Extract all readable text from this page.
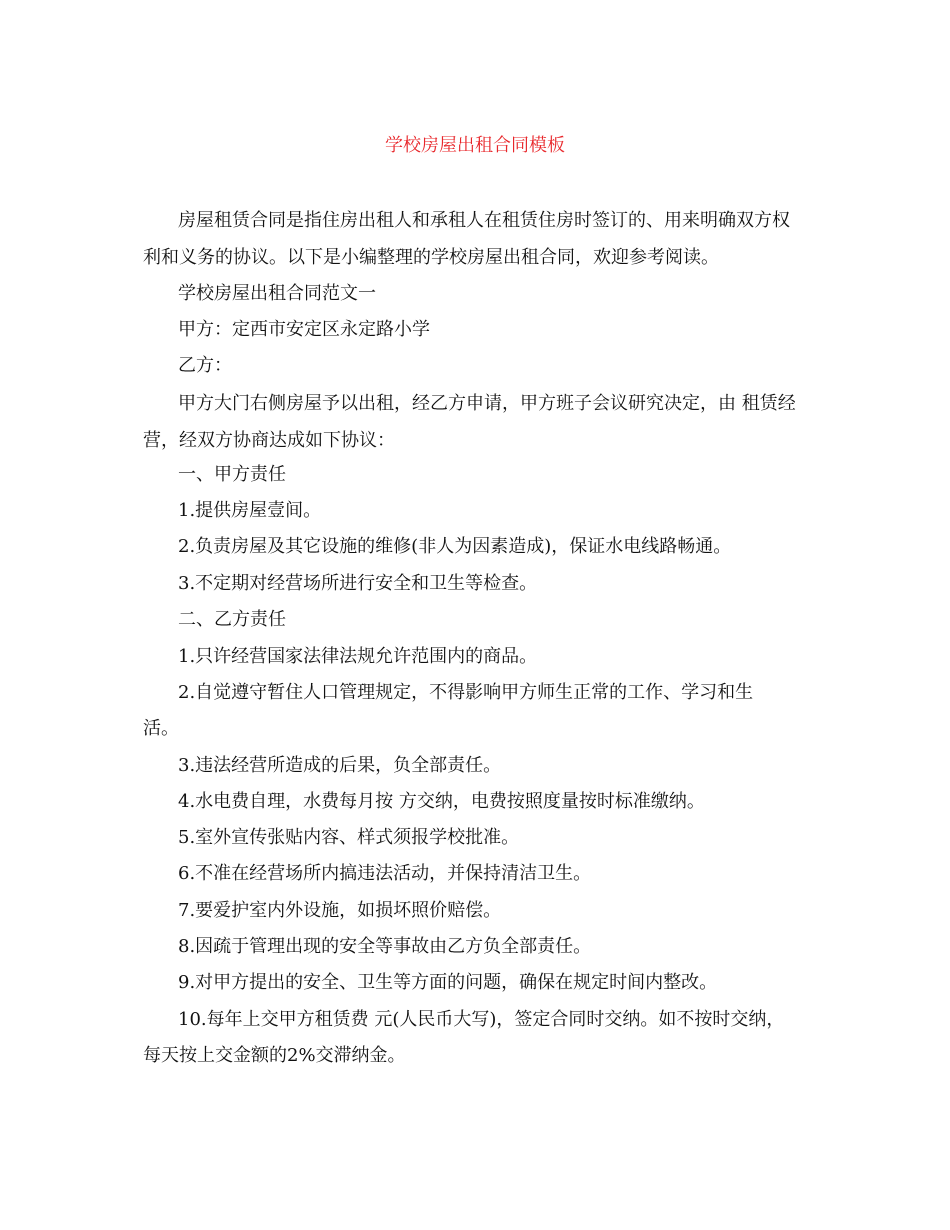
学校房屋出租合同模板
房屋租赁合同是指住房出租人和承租人在租赁住房时签订的、用来明确双方权利和义务的协议。以下是小编整理的学校房屋出租合同，欢迎参考阅读。
学校房屋出租合同范文一
甲方：定西市安定区永定路小学
乙方：
甲方大门右侧房屋予以出租，经乙方申请，甲方班子会议研究决定，由 租赁经营，经双方协商达成如下协议：
一、甲方责任
1.提供房屋壹间。
2.负责房屋及其它设施的维修(非人为因素造成)，保证水电线路畅通。
3.不定期对经营场所进行安全和卫生等检查。
二、乙方责任
1.只许经营国家法律法规允许范围内的商品。
2.自觉遵守暂住人口管理规定，不得影响甲方师生正常的工作、学习和生
活。
3.违法经营所造成的后果，负全部责任。
4.水电费自理，水费每月按 方交纳，电费按照度量按时标准缴纳。
5.室外宣传张贴内容、样式须报学校批准。
6.不准在经营场所内搞违法活动，并保持清洁卫生。
7.要爱护室内外设施，如损坏照价赔偿。
8.因疏于管理出现的安全等事故由乙方负全部责任。
9.对甲方提出的安全、卫生等方面的问题，确保在规定时间内整改。
10.每年上交甲方租赁费 元(人民币大写)，签定合同时交纳。如不按时交纳，
每天按上交金额的2%交滞纳金。
